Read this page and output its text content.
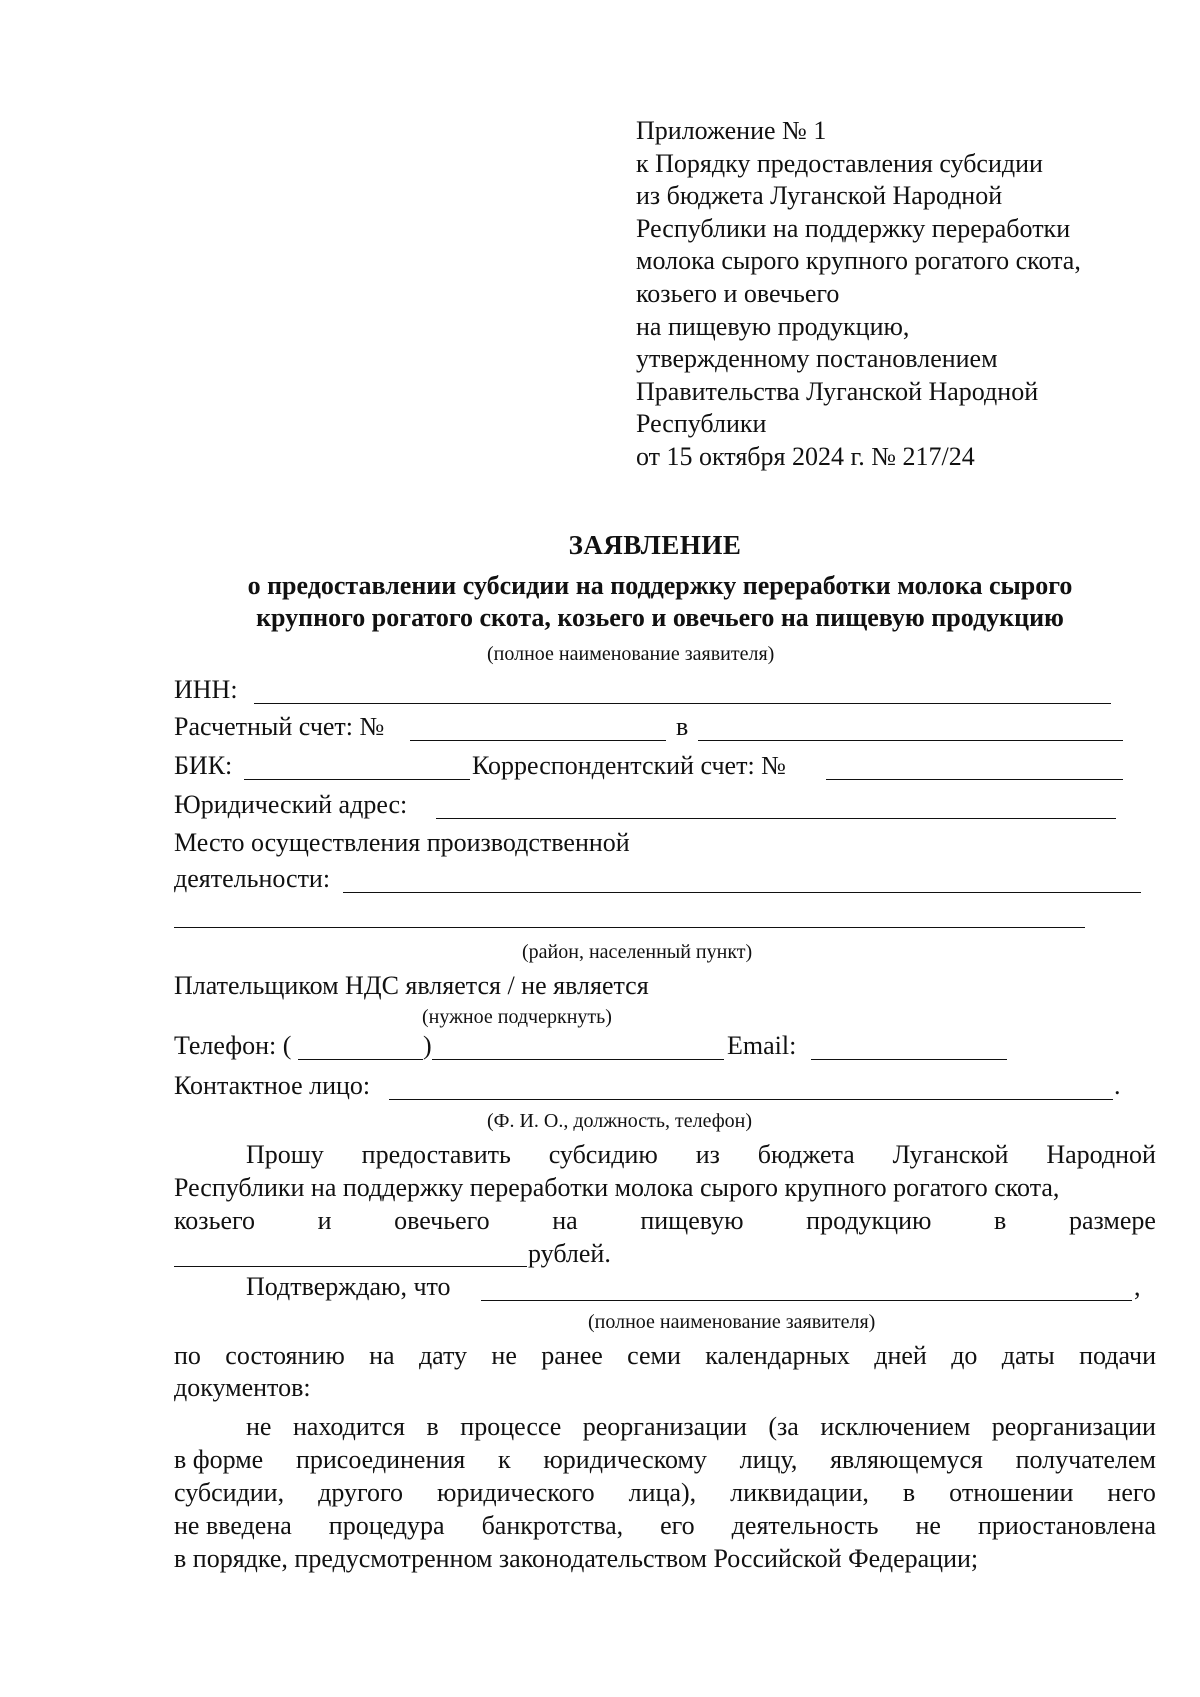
Приложение № 1
к Порядку предоставления субсидии
из бюджета Луганской Народной
Республики на поддержку переработки
молока сырого крупного рогатого скота,
козьего и овечьего
на пищевую продукцию,
утвержденному постановлением
Правительства Луганской Народной
Республики
от 15 октября 2024 г. № 217/24
ЗАЯВЛЕНИЕ
о предоставлении субсидии на поддержку переработки молока сырого
крупного рогатого скота, козьего и овечьего на пищевую продукцию
(полное наименование заявителя)
ИНН:
Расчетный счет: №	в
БИК:	Корреспондентский счет: №
Юридический адрес:
Место осуществления производственной
деятельности:
(район, населенный пункт)
Плательщиком НДС является / не является
(нужное подчеркнуть)
Телефон: (	)	Email:
Контактное лицо:	.
(Ф. И. О., должность, телефон)
Прошу предоставить субсидию из бюджета Луганской Народной
Республики на поддержку переработки молока сырого крупного рогатого скота,
козьего и овечьего на пищевую продукцию в размере
рублей.
Подтверждаю, что	,
(полное наименование заявителя)
по состоянию на дату не ранее семи календарных дней до даты подачи
документов:
не находится в процессе реорганизации (за исключением реорганизации
в форме присоединения к юридическому лицу, являющемуся получателем
субсидии, другого юридического лица), ликвидации, в отношении него
не введена процедура банкротства, его деятельность не приостановлена
в порядке, предусмотренном законодательством Российской Федерации;
